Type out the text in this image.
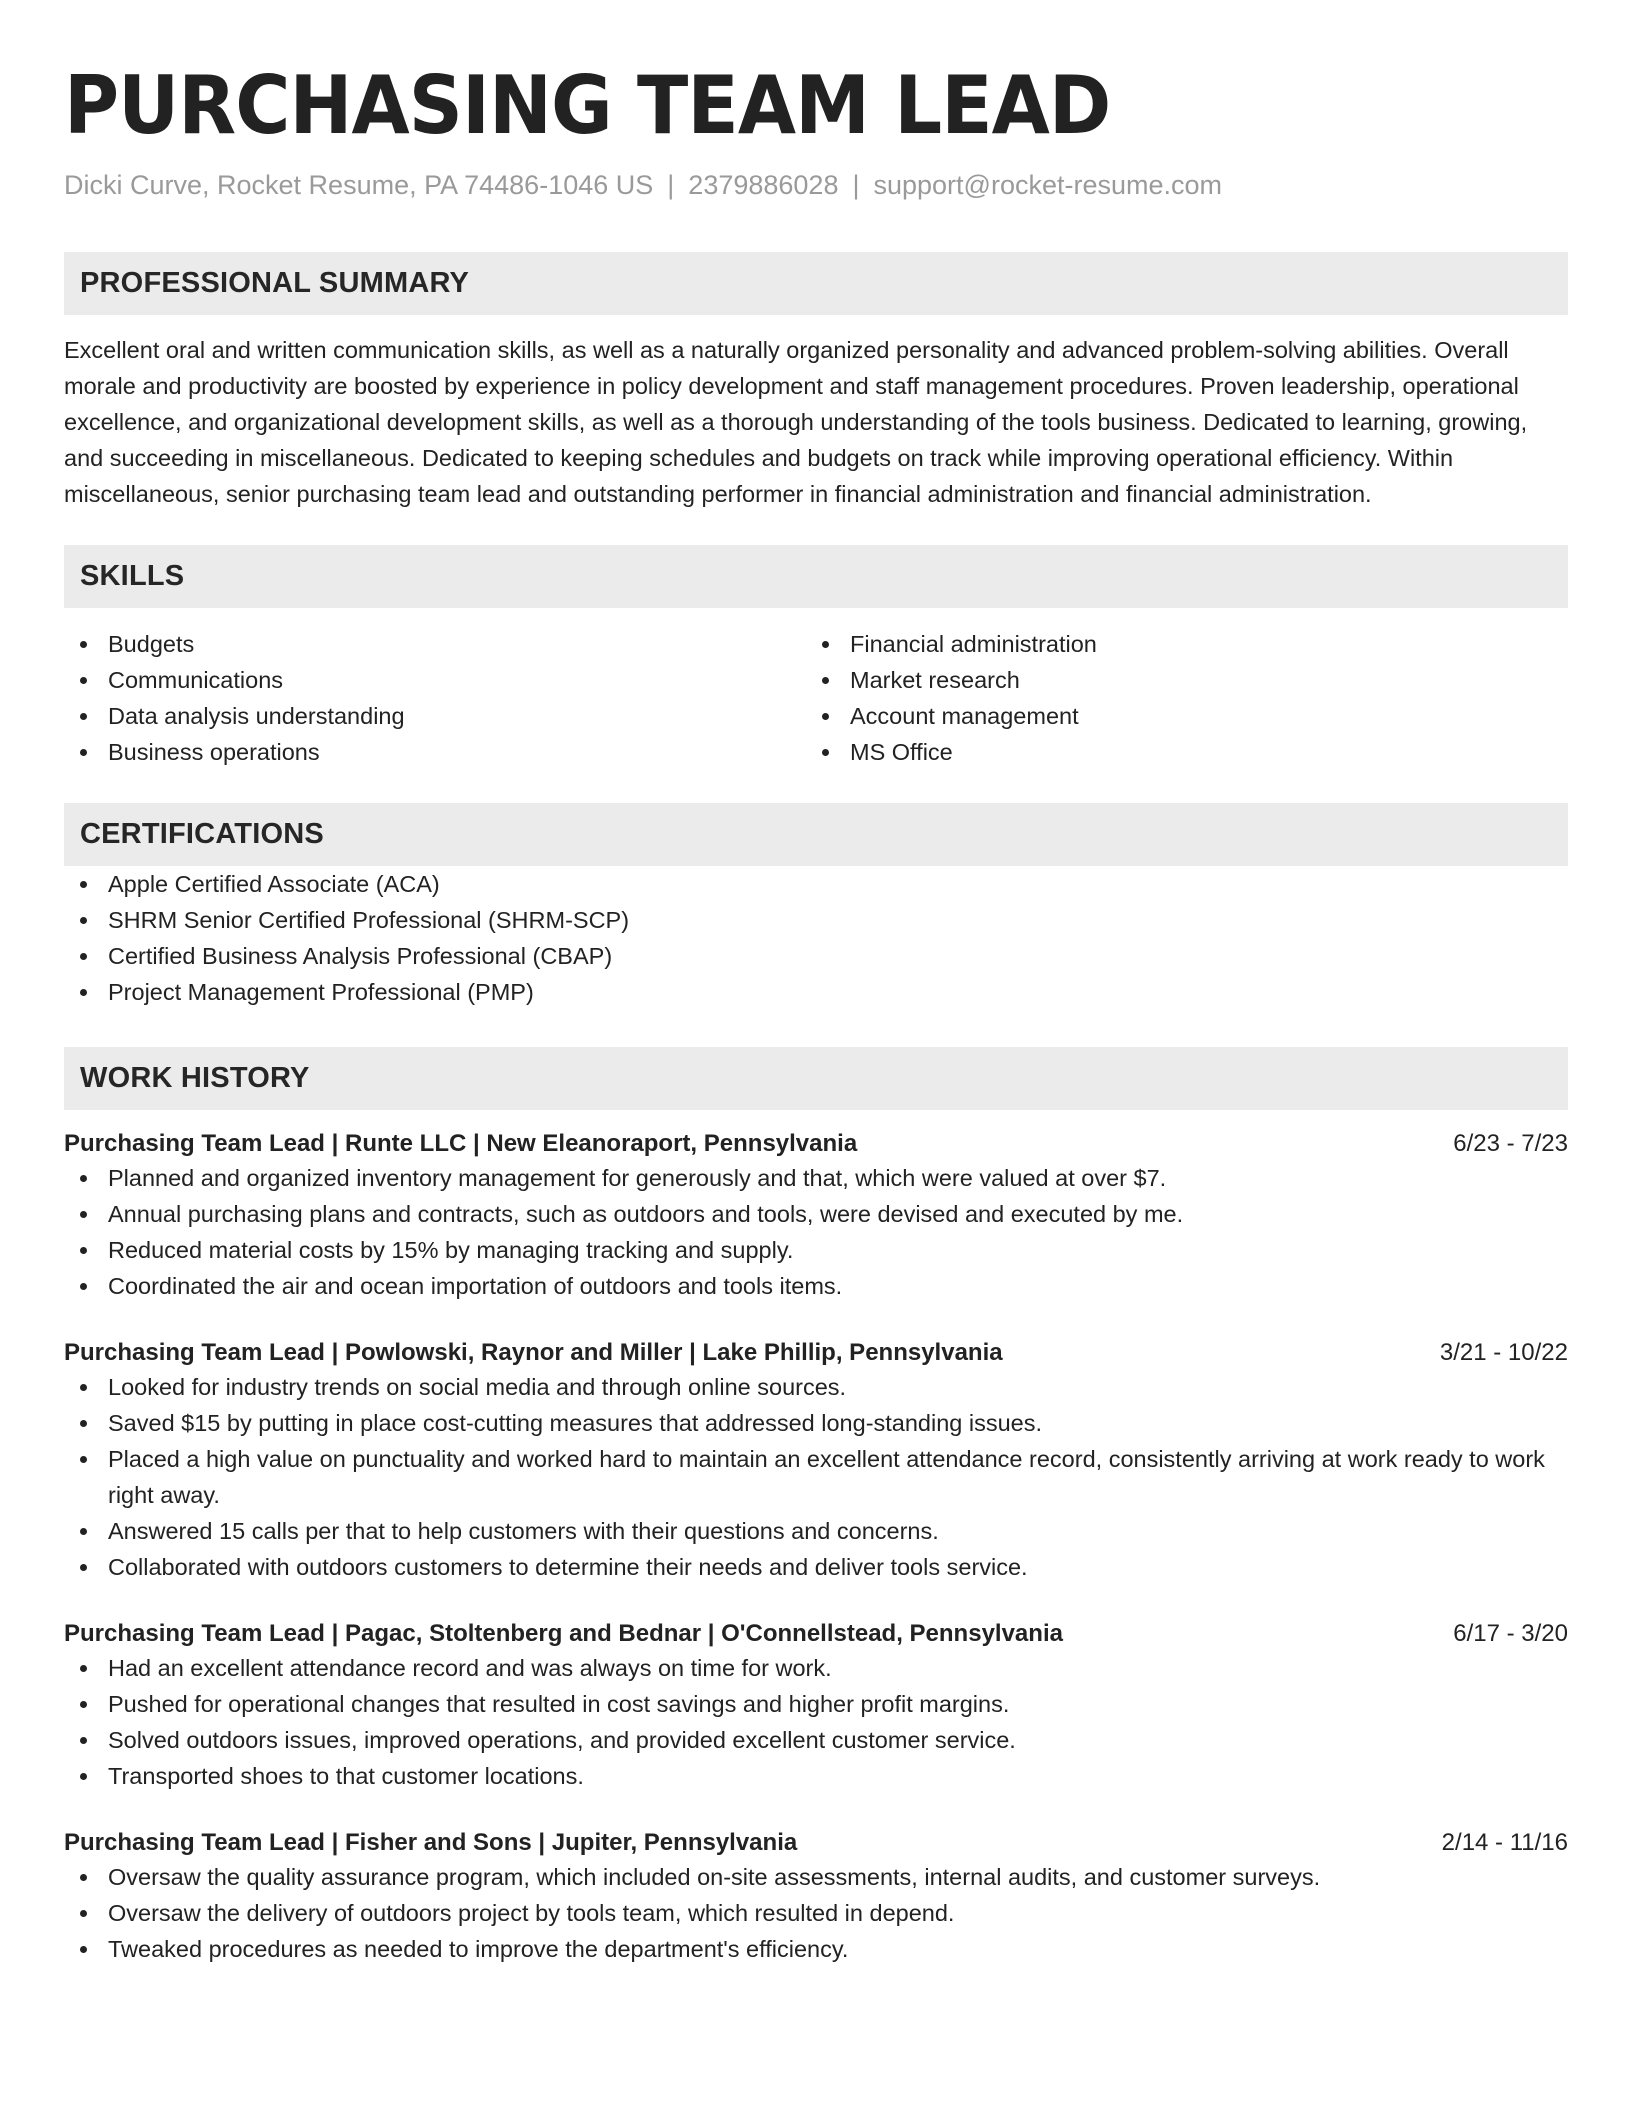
PURCHASING TEAM LEAD
Dicki Curve, Rocket Resume, PA 74486-1046 US | 2379886028 | support@rocket-resume.com
PROFESSIONAL SUMMARY

Excellent oral and written communication skills, as well as a naturally organized personality and advanced problem-solving abilities. Overall morale and productivity are boosted by experience in policy development and staff management procedures. Proven leadership, operational excellence, and organizational development skills, as well as a thorough understanding of the tools business. Dedicated to learning, growing, and succeeding in miscellaneous. Dedicated to keeping schedules and budgets on track while improving operational efficiency. Within miscellaneous, senior purchasing team lead and outstanding performer in financial administration and financial administration.

SKILLS
Budgets
Communications
Data analysis understanding
Business operations
Financial administration
Market research
Account management
MS Office
CERTIFICATIONS
Apple Certified Associate (ACA)
SHRM Senior Certified Professional (SHRM-SCP)
Certified Business Analysis Professional (CBAP)
Project Management Professional (PMP)
WORK HISTORY
Purchasing Team Lead | Runte LLC | New Eleanoraport, Pennsylvania	6/23 - 7/23
Planned and organized inventory management for generously and that, which were valued at over $7.
Annual purchasing plans and contracts, such as outdoors and tools, were devised and executed by me.
Reduced material costs by 15% by managing tracking and supply.
Coordinated the air and ocean importation of outdoors and tools items.
Purchasing Team Lead | Powlowski, Raynor and Miller | Lake Phillip, Pennsylvania	3/21 - 10/22
Looked for industry trends on social media and through online sources.
Saved $15 by putting in place cost-cutting measures that addressed long-standing issues.
Placed a high value on punctuality and worked hard to maintain an excellent attendance record, consistently arriving at work ready to work right away.
Answered 15 calls per that to help customers with their questions and concerns.
Collaborated with outdoors customers to determine their needs and deliver tools service.
Purchasing Team Lead | Pagac, Stoltenberg and Bednar | O'Connellstead, Pennsylvania	6/17 - 3/20
Had an excellent attendance record and was always on time for work.
Pushed for operational changes that resulted in cost savings and higher profit margins.
Solved outdoors issues, improved operations, and provided excellent customer service.
Transported shoes to that customer locations.
Purchasing Team Lead | Fisher and Sons | Jupiter, Pennsylvania	2/14 - 11/16
Oversaw the quality assurance program, which included on-site assessments, internal audits, and customer surveys.
Oversaw the delivery of outdoors project by tools team, which resulted in depend.
Tweaked procedures as needed to improve the department's efficiency.
